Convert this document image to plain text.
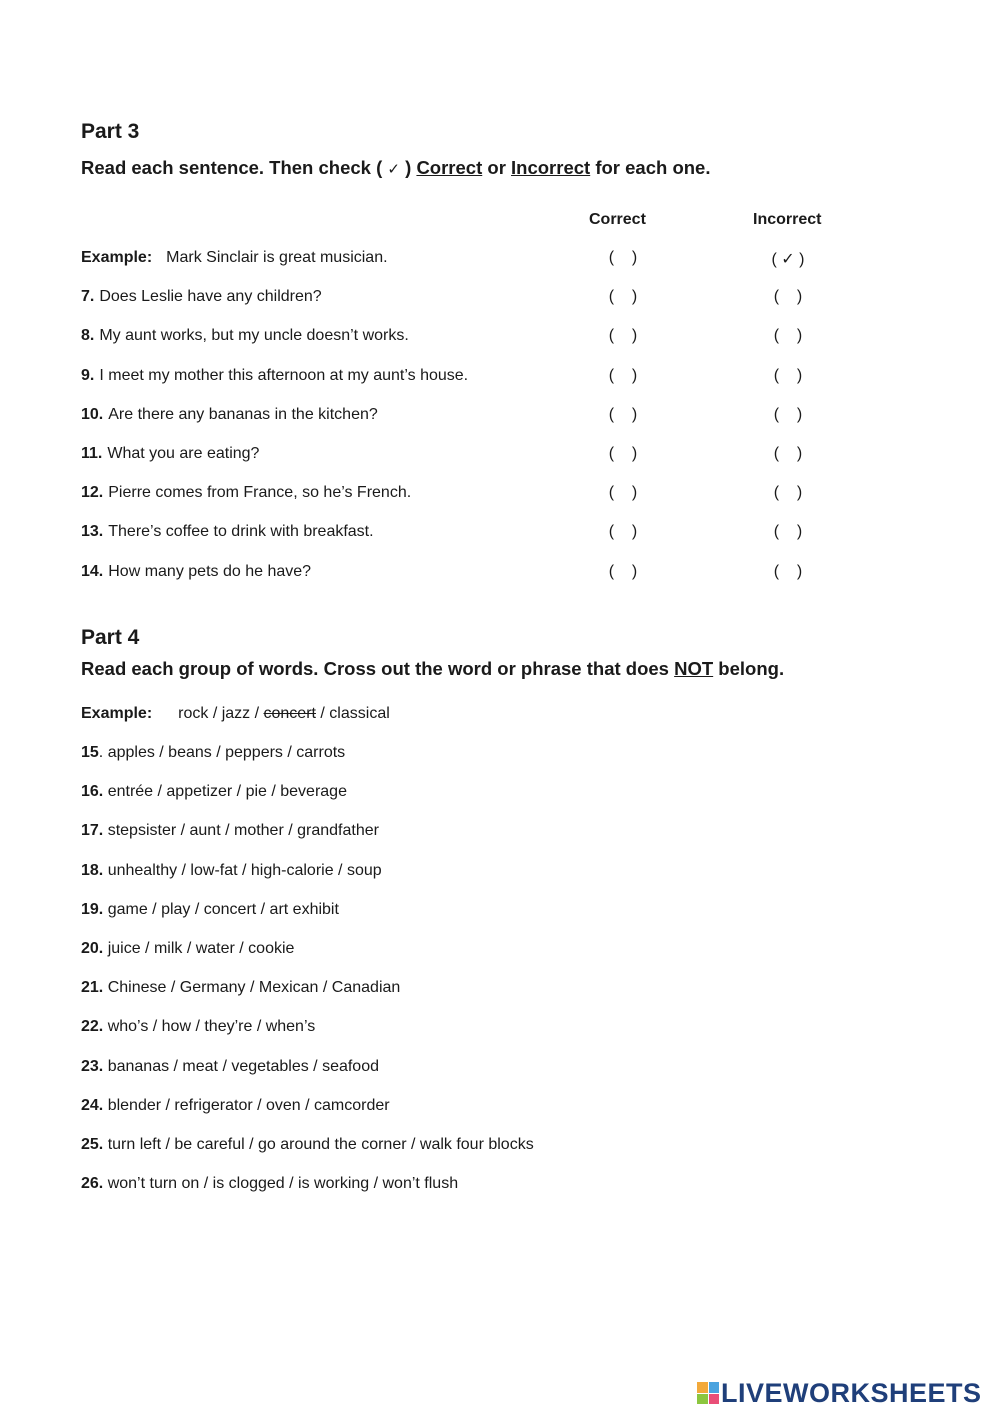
Part 3
Read each sentence. Then check ( ✓ ) Correct or Incorrect for each one.
Correct	Incorrect
Example: Mark Sinclair is great musician.	(    )	( ✓ )
7. Does Leslie have any children?	(    )	(    )
8. My aunt works, but my uncle doesn’t works.	(    )	(    )
9. I meet my mother this afternoon at my aunt’s house.	(    )	(    )
10. Are there any bananas in the kitchen?	(    )	(    )
11. What you are eating?	(    )	(    )
12. Pierre comes from France, so he’s French.	(    )	(    )
13. There’s coffee to drink with breakfast.	(    )	(    )
14. How many pets do he have?	(    )	(    )
Part 4
Read each group of words. Cross out the word or phrase that does NOT belong.
Example: rock / jazz / concert / classical
15. apples / beans / peppers / carrots
16. entrée / appetizer / pie / beverage
17. stepsister / aunt / mother / grandfather
18. unhealthy / low-fat / high-calorie / soup
19. game / play / concert / art exhibit
20. juice / milk / water / cookie
21. Chinese / Germany / Mexican / Canadian
22. who’s / how / they’re / when’s
23. bananas / meat / vegetables / seafood
24. blender / refrigerator / oven / camcorder
25. turn left / be careful / go around the corner / walk four blocks
26. won’t turn on / is clogged / is working / won’t flush
LIVEWORKSHEETS
